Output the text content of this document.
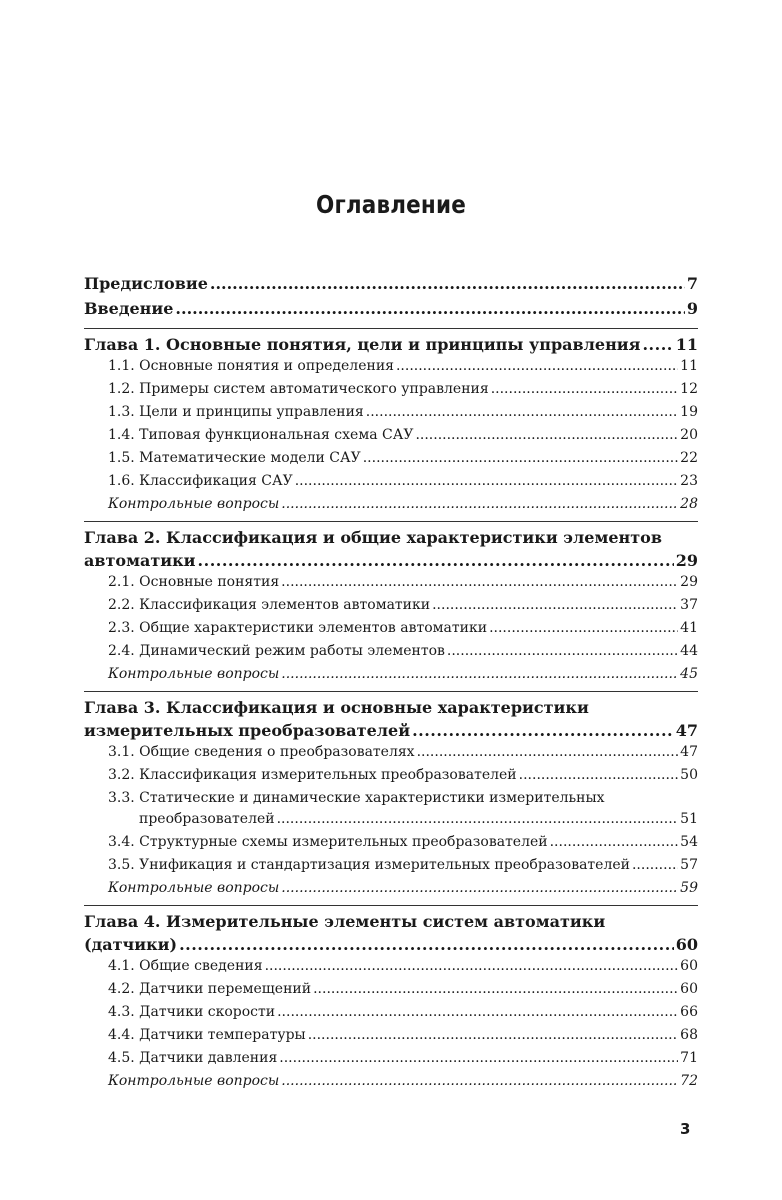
Оглавление
Предисловие .....	7
Введение .....	9
Глава 1. Основные понятия, цели и принципы управления ..... 11
1.1. Основные понятия и определения .....	11
1.2. Примеры систем автоматического управления .....	12
1.3. Цели и принципы управления .....	19
1.4. Типовая функциональная схема САУ .....	20
1.5. Математические модели САУ .....	22
1.6. Классификация САУ .....	23
Контрольные вопросы .....	28
Глава 2. Классификация и общие характеристики элементов
автоматики .....	29
2.1. Основные понятия .....	29
2.2. Классификация элементов автоматики .....	37
2.3. Общие характеристики элементов автоматики .....	41
2.4. Динамический режим работы элементов .....	44
Контрольные вопросы .....	45
Глава 3. Классификация и основные характеристики
измерительных преобразователей .....	47
3.1. Общие сведения о преобразователях .....	47
3.2. Классификация измерительных преобразователей .....	50
3.3. Статические и динамические характеристики измерительных
преобразователей .....	51
3.4. Структурные схемы измерительных преобразователей .....	54
3.5. Унификация и стандартизация измерительных преобразователей .....	57
Контрольные вопросы .....	59
Глава 4. Измерительные элементы систем автоматики
(датчики) .....	60
4.1. Общие сведения .....	60
4.2. Датчики перемещений .....	60
4.3. Датчики скорости .....	66
4.4. Датчики температуры .....	68
4.5. Датчики давления .....	71
Контрольные вопросы .....	72
3
